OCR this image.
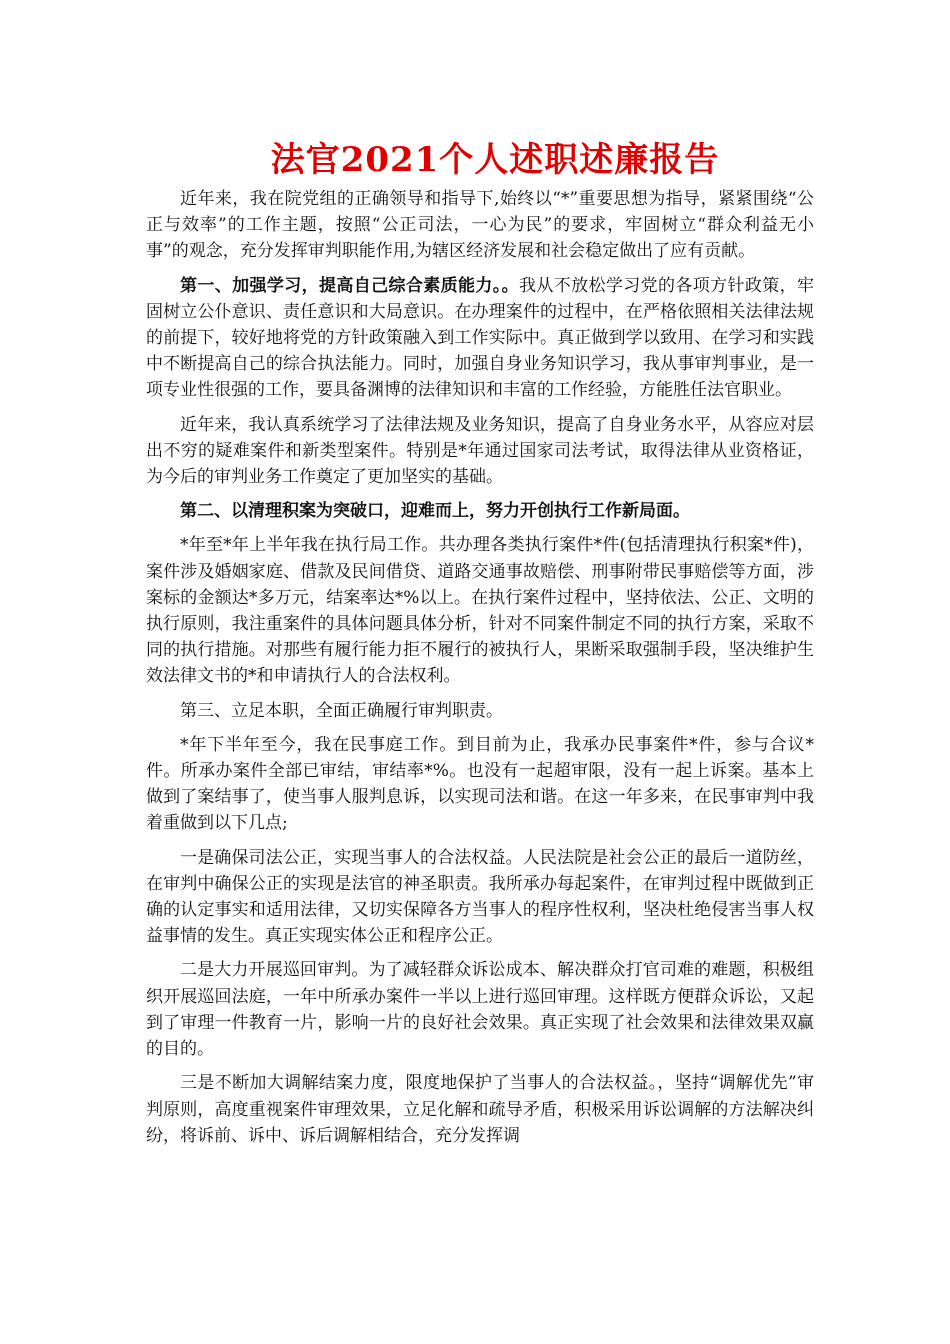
法官2021个人述职述廉报告

近年来，我在院党组的正确领导和指导下,始终以“*”重要思想为指导，紧紧围绕“公正与效率”的工作主题，按照“公正司法，一心为民”的要求，牢固树立“群众利益无小事”的观念，充分发挥审判职能作用,为辖区经济发展和社会稳定做出了应有贡献。

第一、加强学习，提高自己综合素质能力。。我从不放松学习党的各项方针政策，牢固树立公仆意识、责任意识和大局意识。在办理案件的过程中，在严格依照相关法律法规的前提下，较好地将党的方针政策融入到工作实际中。真正做到学以致用、在学习和实践中不断提高自己的综合执法能力。同时，加强自身业务知识学习，我从事审判事业，是一项专业性很强的工作，要具备渊博的法律知识和丰富的工作经验，方能胜任法官职业。

近年来，我认真系统学习了法律法规及业务知识，提高了自身业务水平，从容应对层出不穷的疑难案件和新类型案件。特别是*年通过国家司法考试，取得法律从业资格证，为今后的审判业务工作奠定了更加坚实的基础。

第二、以清理积案为突破口，迎难而上，努力开创执行工作新局面。

*年至*年上半年我在执行局工作。共办理各类执行案件*件(包括清理执行积案*件)，案件涉及婚姻家庭、借款及民间借贷、道路交通事故赔偿、刑事附带民事赔偿等方面，涉案标的金额达*多万元，结案率达*%以上。在执行案件过程中，坚持依法、公正、文明的执行原则，我注重案件的具体问题具体分析，针对不同案件制定不同的执行方案，采取不同的执行措施。对那些有履行能力拒不履行的被执行人，果断采取强制手段，坚决维护生效法律文书的*和申请执行人的合法权利。

第三、立足本职，全面正确履行审判职责。

*年下半年至今，我在民事庭工作。到目前为止，我承办民事案件*件，参与合议*件。所承办案件全部已审结，审结率*%。也没有一起超审限，没有一起上诉案。基本上做到了案结事了，使当事人服判息诉，以实现司法和谐。在这一年多来，在民事审判中我着重做到以下几点;

一是确保司法公正，实现当事人的合法权益。人民法院是社会公正的最后一道防丝，在审判中确保公正的实现是法官的神圣职责。我所承办每起案件，在审判过程中既做到正确的认定事实和适用法律，又切实保障各方当事人的程序性权利，坚决杜绝侵害当事人权益事情的发生。真正实现实体公正和程序公正。

二是大力开展巡回审判。为了减轻群众诉讼成本、解决群众打官司难的难题，积极组织开展巡回法庭，一年中所承办案件一半以上进行巡回审理。这样既方便群众诉讼，又起到了审理一件教育一片，影响一片的良好社会效果。真正实现了社会效果和法律效果双赢的目的。

三是不断加大调解结案力度，限度地保护了当事人的合法权益。，坚持“调解优先”审判原则，高度重视案件审理效果，立足化解和疏导矛盾，积极采用诉讼调解的方法解决纠纷，将诉前、诉中、诉后调解相结合，充分发挥调
